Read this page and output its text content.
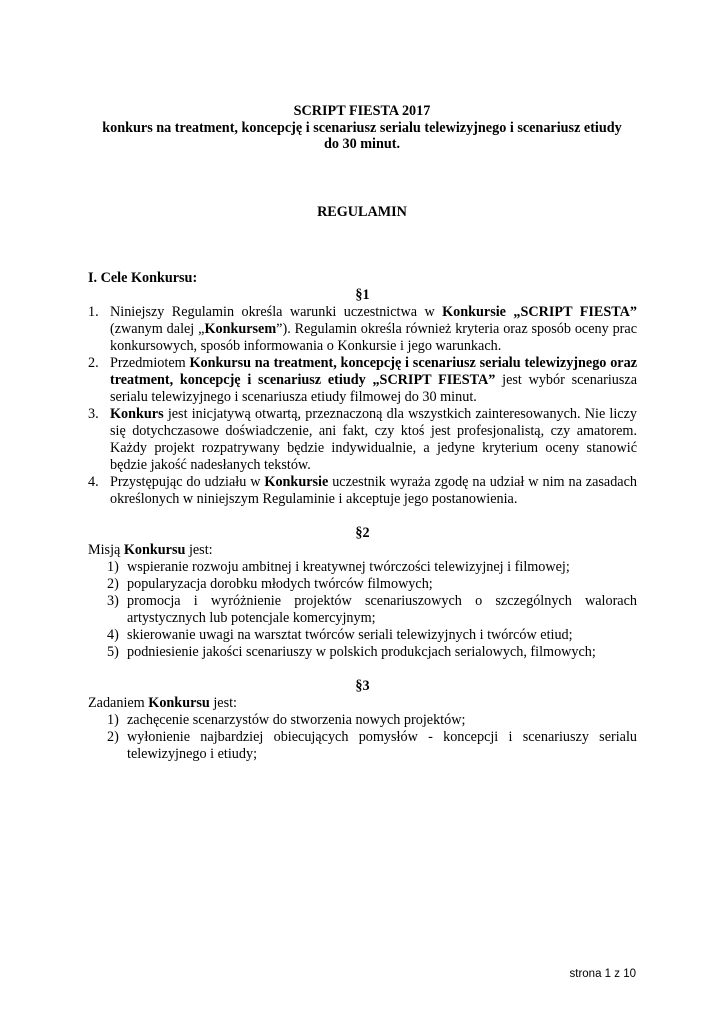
SCRIPT FIESTA 2017
konkurs na treatment, koncepcję i scenariusz serialu telewizyjnego i scenariusz etiudy
do 30 minut.
REGULAMIN

I. Cele Konkursu:

§1

1. Niniejszy Regulamin określa warunki uczestnictwa w Konkursie „SCRIPT FIESTA” (zwanym dalej „Konkursem”). Regulamin określa również kryteria oraz sposób oceny prac konkursowych, sposób informowania o Konkursie i jego warunkach.
2. Przedmiotem Konkursu na treatment, koncepcję i scenariusz serialu telewizyjnego oraz treatment, koncepcję i scenariusz etiudy „SCRIPT FIESTA” jest wybór scenariusza serialu telewizyjnego i scenariusza etiudy filmowej do 30 minut.
3. Konkurs jest inicjatywą otwartą, przeznaczoną dla wszystkich zainteresowanych. Nie liczy się dotychczasowe doświadczenie, ani fakt, czy ktoś jest profesjonalistą, czy amatorem. Każdy projekt rozpatrywany będzie indywidualnie, a jedyne kryterium oceny stanowić będzie jakość nadesłanych tekstów.
4. Przystępując do udziału w Konkursie uczestnik wyraża zgodę na udział w nim na zasadach określonych w niniejszym Regulaminie i akceptuje jego postanowienia.

§2

Misją Konkursu jest:

1) wspieranie rozwoju ambitnej i kreatywnej twórczości telewizyjnej i filmowej;
2) popularyzacja dorobku młodych twórców filmowych;
3) promocja i wyróżnienie projektów scenariuszowych o szczególnych walorach artystycznych lub potencjale komercyjnym;
4) skierowanie uwagi na warsztat twórców seriali telewizyjnych i twórców etiud;
5) podniesienie jakości scenariuszy w polskich produkcjach serialowych, filmowych;

§3

Zadaniem Konkursu jest:

1) zachęcenie scenarzystów do stworzenia nowych projektów;
2) wyłonienie najbardziej obiecujących pomysłów - koncepcji i scenariuszy serialu telewizyjnego i etiudy;
strona 1 z 10
